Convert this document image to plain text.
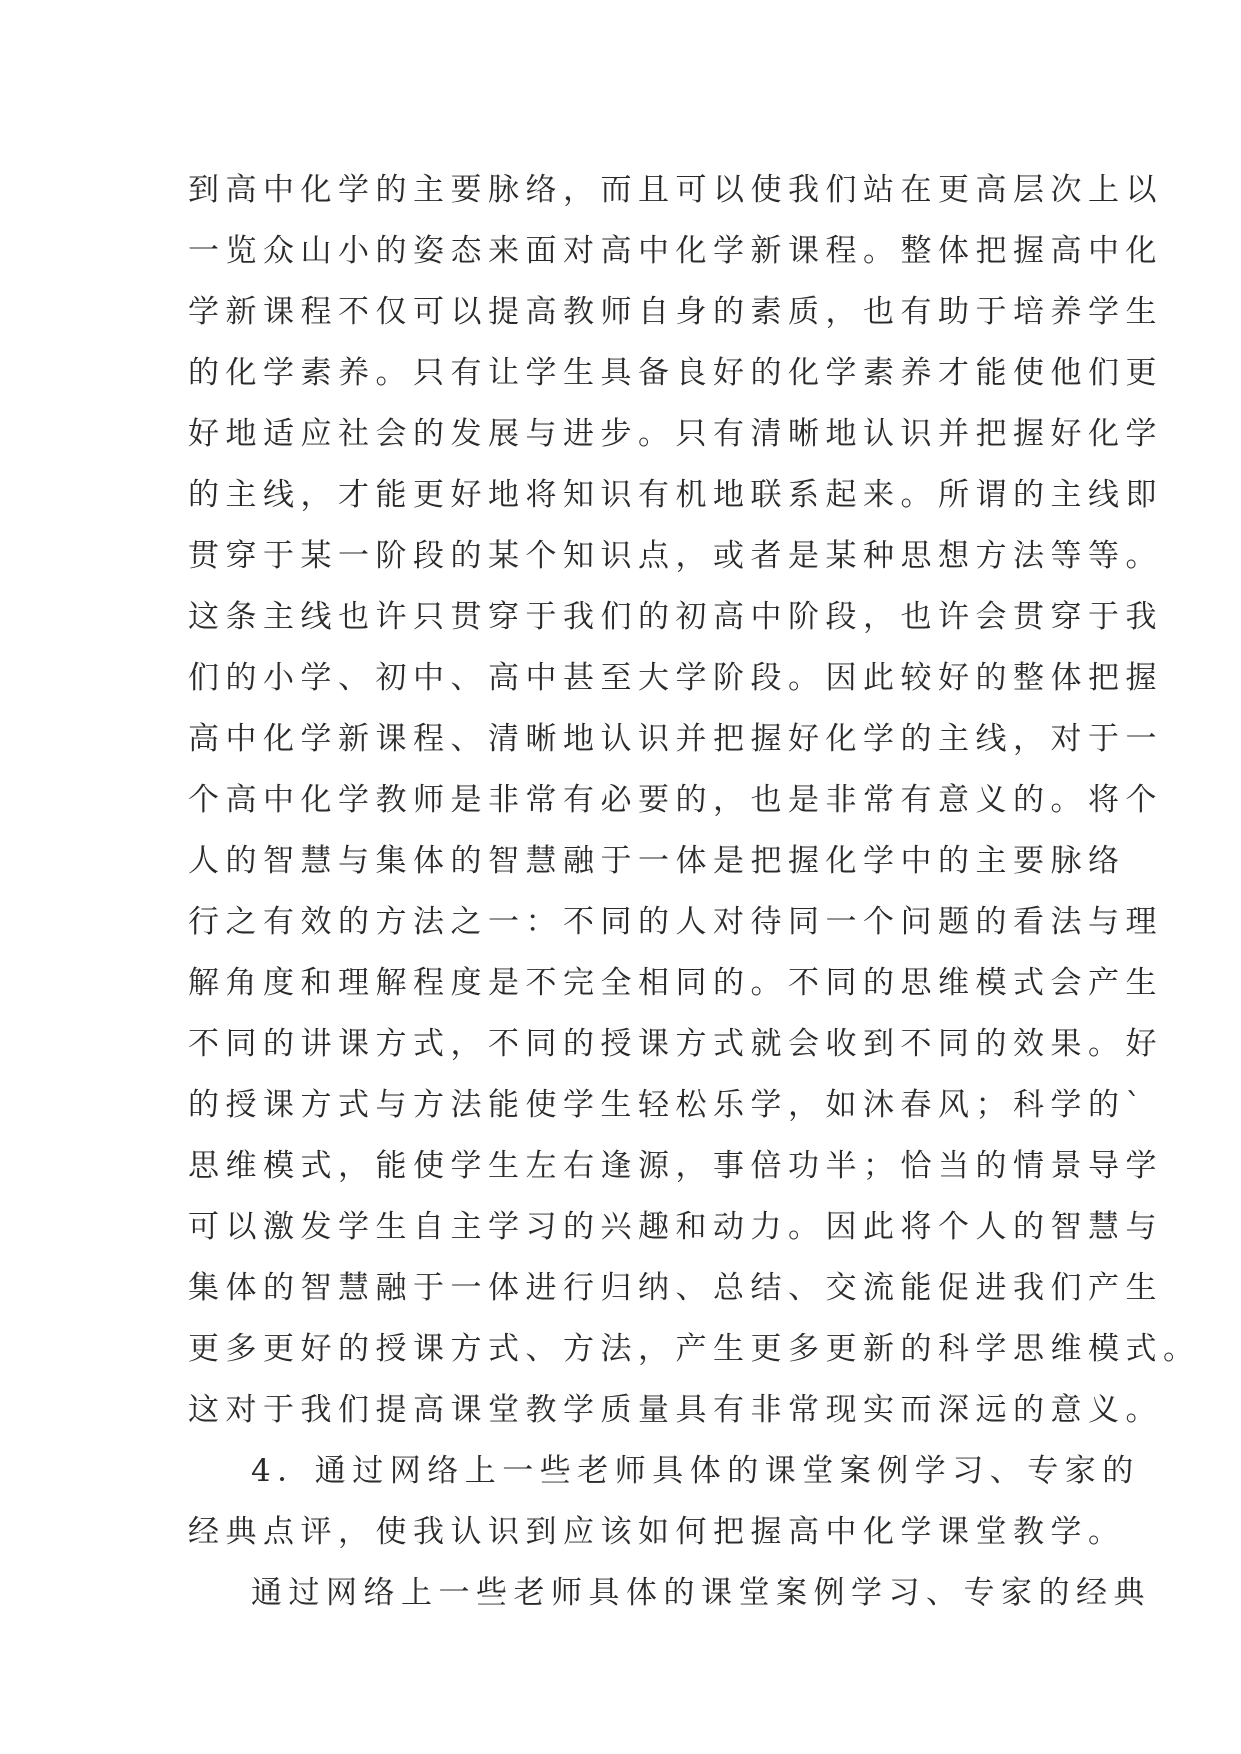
到高中化学的主要脉络，而且可以使我们站在更高层次上以
一览众山小的姿态来面对高中化学新课程。整体把握高中化
学新课程不仅可以提高教师自身的素质，也有助于培养学生
的化学素养。只有让学生具备良好的化学素养才能使他们更
好地适应社会的发展与进步。只有清晰地认识并把握好化学
的主线，才能更好地将知识有机地联系起来。所谓的主线即
贯穿于某一阶段的某个知识点，或者是某种思想方法等等。
这条主线也许只贯穿于我们的初高中阶段，也许会贯穿于我
们的小学、初中、高中甚至大学阶段。因此较好的整体把握
高中化学新课程、清晰地认识并把握好化学的主线，对于一
个高中化学教师是非常有必要的，也是非常有意义的。将个
人的智慧与集体的智慧融于一体是把握化学中的主要脉络
行之有效的方法之一：不同的人对待同一个问题的看法与理
解角度和理解程度是不完全相同的。不同的思维模式会产生
不同的讲课方式，不同的授课方式就会收到不同的效果。好
的授课方式与方法能使学生轻松乐学，如沐春风；科学的`
思维模式，能使学生左右逢源，事倍功半；恰当的情景导学
可以激发学生自主学习的兴趣和动力。因此将个人的智慧与
集体的智慧融于一体进行归纳、总结、交流能促进我们产生
更多更好的授课方式、方法，产生更多更新的科学思维模式。
这对于我们提高课堂教学质量具有非常现实而深远的意义。
4．通过网络上一些老师具体的课堂案例学习、专家的
经典点评，使我认识到应该如何把握高中化学课堂教学。
通过网络上一些老师具体的课堂案例学习、专家的经典
